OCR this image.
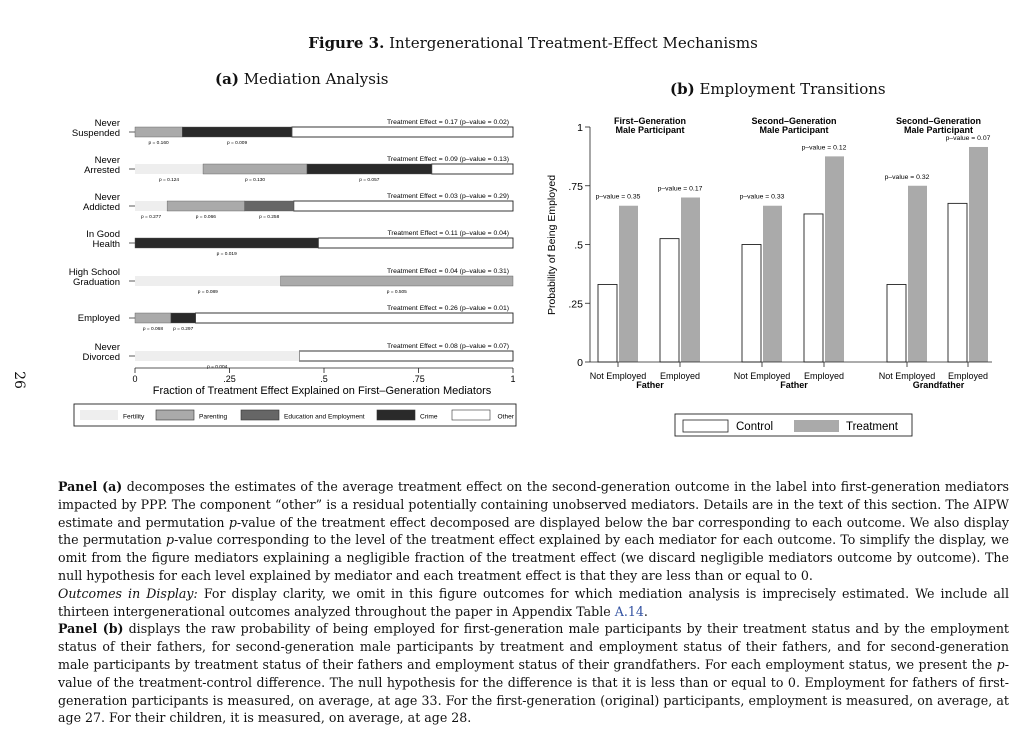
Figure 3. Intergenerational Treatment-Effect Mechanisms
(a) Mediation Analysis
(b) Employment Transitions
26
Never
Suspended
Treatment Effect = 0.17 (p–value = 0.02)
p = 0.160	p = 0.009
Never
Arrested
Treatment Effect = 0.09 (p–value = 0.13)
p = 0.124	p = 0.130	p = 0.057
Never
Addicted
Treatment Effect = 0.03 (p–value = 0.29)
p = 0.277	p = 0.066	p = 0.258
In Good
Health
Treatment Effect = 0.11 (p–value = 0.04)
p = 0.019
High School
Graduation
Treatment Effect = 0.04 (p–value = 0.31)
p = 0.089	p = 0.505
Employed
Treatment Effect = 0.26 (p–value = 0.01)
p = 0.068 p = 0.297
Never
Divorced
Treatment Effect = 0.08 (p–value = 0.07)
p = 0.004
0	.25	.5	.75	1
Fraction of Treatment Effect Explained on First–Generation Mediators
Fertility	Parenting	Education and Employment	Crime	Other
0
.25
.5
.75
1
Probability of Being Employed
First–Generation
Male Participant
p–value = 0.35
Not Employed
p–value = 0.17
Employed
Father
Second–Generation
Male Participant
p–value = 0.33
Not Employed
p–value = 0.12
Employed
Father
Second–Generation
Male Participant
p–value = 0.32
Not Employed
p–value = 0.07
Employed
Grandfather
Control	Treatment

Panel (a) decomposes the estimates of the average treatment effect on the second-generation outcome in the label into first-generation mediators impacted by PPP. The component “other” is a residual potentially containing unobserved mediators. Details are in the text of this section. The AIPW estimate and permutation p-value of the treatment effect decomposed are displayed below the bar corresponding to each outcome. We also display the permutation p-value corresponding to the level of the treatment effect explained by each mediator for each outcome. To simplify the display, we omit from the figure mediators explaining a negligible fraction of the treatment effect (we discard negligible mediators outcome by outcome). The null hypothesis for each level explained by mediator and each treatment effect is that they are less than or equal to 0.

Outcomes in Display: For display clarity, we omit in this figure outcomes for which mediation analysis is imprecisely estimated. We include all thirteen intergenerational outcomes analyzed throughout the paper in Appendix Table A.14.

Panel (b) displays the raw probability of being employed for first-generation male participants by their treatment status and by the employment status of their fathers, for second-generation male participants by treatment and employment status of their fathers, and for second-generation male participants by treatment status of their fathers and employment status of their grandfathers. For each employment status, we present the p-value of the treatment-control difference. The null hypothesis for the difference is that it is less than or equal to 0. Employment for fathers of first-generation participants is measured, on average, at age 33. For the first-generation (original) participants, employment is measured, on average, at age 27. For their children, it is measured, on average, at age 28.
